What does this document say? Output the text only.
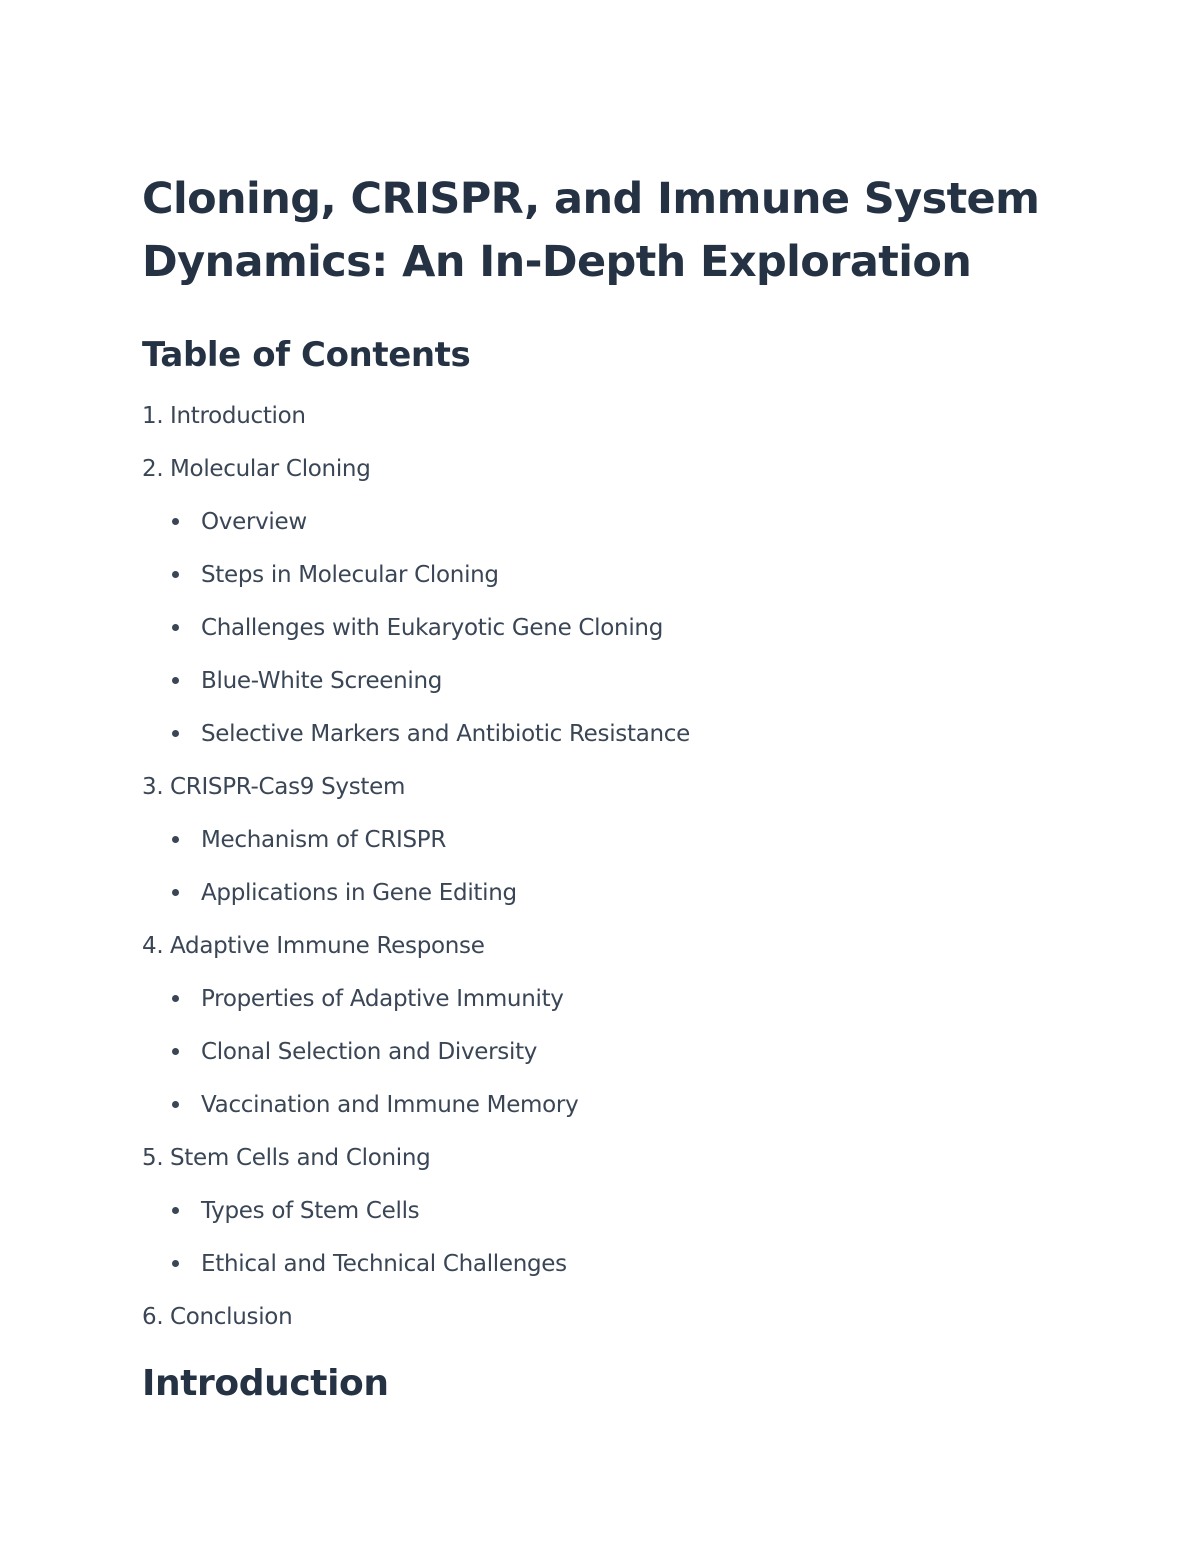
Cloning, CRISPR, and Immune System Dynamics: An In-Depth Exploration
Table of Contents
1. Introduction
2. Molecular Cloning
Overview
Steps in Molecular Cloning
Challenges with Eukaryotic Gene Cloning
Blue-White Screening
Selective Markers and Antibiotic Resistance
3. CRISPR-Cas9 System
Mechanism of CRISPR
Applications in Gene Editing
4. Adaptive Immune Response
Properties of Adaptive Immunity
Clonal Selection and Diversity
Vaccination and Immune Memory
5. Stem Cells and Cloning
Types of Stem Cells
Ethical and Technical Challenges
6. Conclusion
Introduction
